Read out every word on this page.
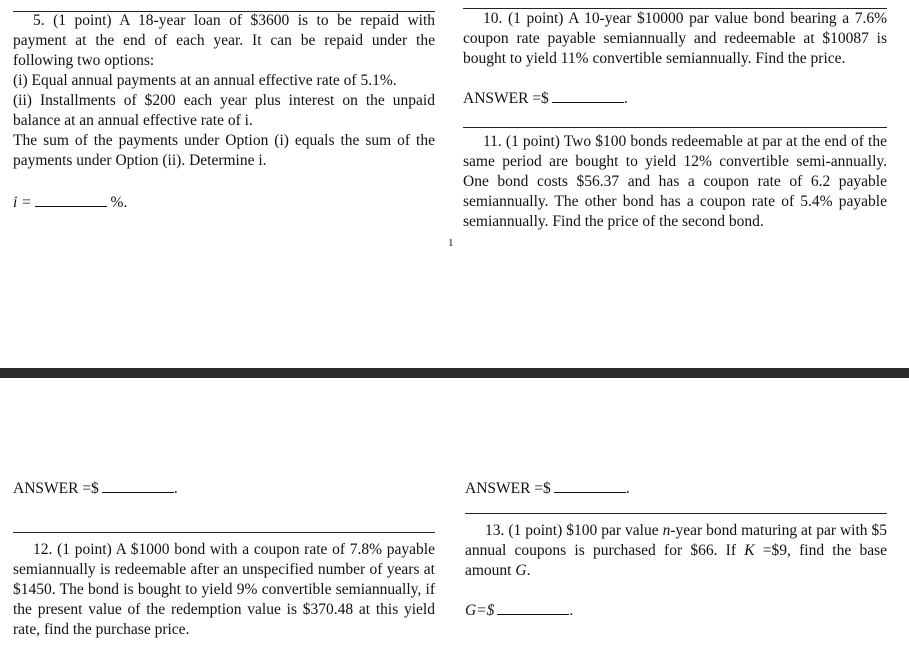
5. (1 point) A 18-year loan of $3600 is to be repaid with payment at the end of each year. It can be repaid under the following two options:
(i) Equal annual payments at an annual effective rate of 5.1%.
(ii) Installments of $200 each year plus interest on the unpaid balance at an annual effective rate of i.
The sum of the payments under Option (i) equals the sum of the payments under Option (ii). Determine i.
i =	%.
10. (1 point) A 10-year $10000 par value bond bearing a 7.6% coupon rate payable semiannually and redeemable at $10087 is bought to yield 11% convertible semiannually. Find the price.
ANSWER =$	.
11. (1 point) Two $100 bonds redeemable at par at the end of the same period are bought to yield 12% convertible semi-annually. One bond costs $56.37 and has a coupon rate of 6.2 payable semiannually. The other bond has a coupon rate of 5.4% payable semiannually. Find the price of the second bond.
1
ANSWER =$	.	ANSWER =$	.
12. (1 point) A $1000 bond with a coupon rate of 7.8% payable semiannually is redeemable after an unspecified number of years at $1450. The bond is bought to yield 9% convertible semiannually, if the present value of the redemption value is $370.48 at this yield rate, find the purchase price.
13. (1 point) $100 par value n-year bond maturing at par with $5 annual coupons is purchased for $66. If K =$9, find the base amount G.
G=$	.
